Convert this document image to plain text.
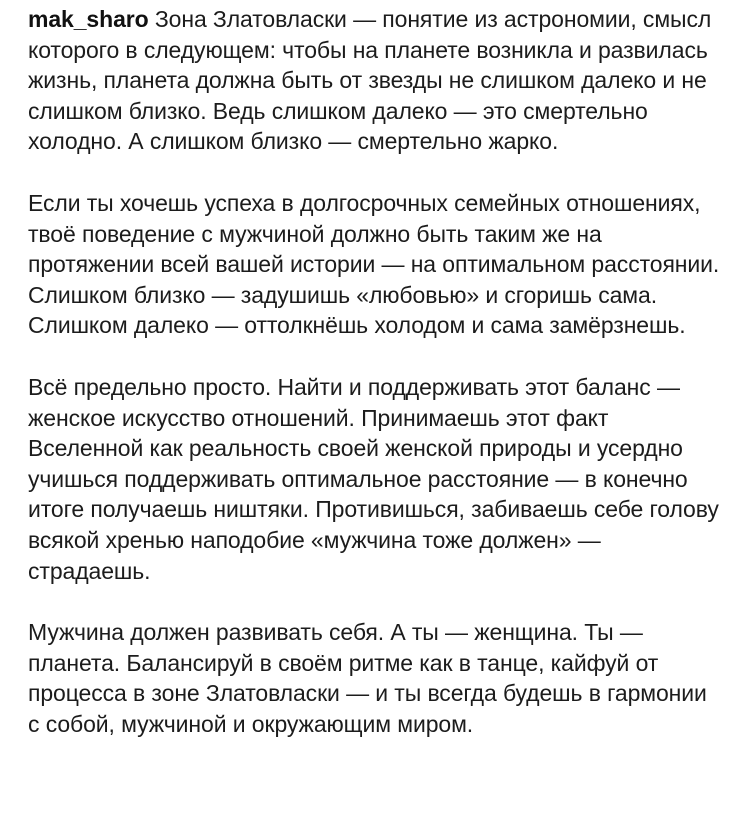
mak_sharo Зона Златовласки — понятие из астрономии, смысл которого в следующем: чтобы на планете возникла и развилась жизнь, планета должна быть от звезды не слишком далеко и не слишком близко. Ведь слишком далеко — это смертельно холодно. А слишком близко — смертельно жарко.

Если ты хочешь успеха в долгосрочных семейных отношениях, твоё поведение с мужчиной должно быть таким же на протяжении всей вашей истории — на оптимальном расстоянии. Слишком близко — задушишь «любовью» и сгоришь сама. Слишком далеко — оттолкнёшь холодом и сама замёрзнешь.

Всё предельно просто. Найти и поддерживать этот баланс — женское искусство отношений. Принимаешь этот факт Вселенной как реальность своей женской природы и усердно учишься поддерживать оптимальное расстояние — в конечно итоге получаешь ништяки. Противишься, забиваешь себе голову всякой хренью наподобие «мужчина тоже должен» — страдаешь.

Мужчина должен развивать себя. А ты — женщина. Ты — планета. Балансируй в своём ритме как в танце, кайфуй от процесса в зоне Златовласки — и ты всегда будешь в гармонии с собой, мужчиной и окружающим миром.
